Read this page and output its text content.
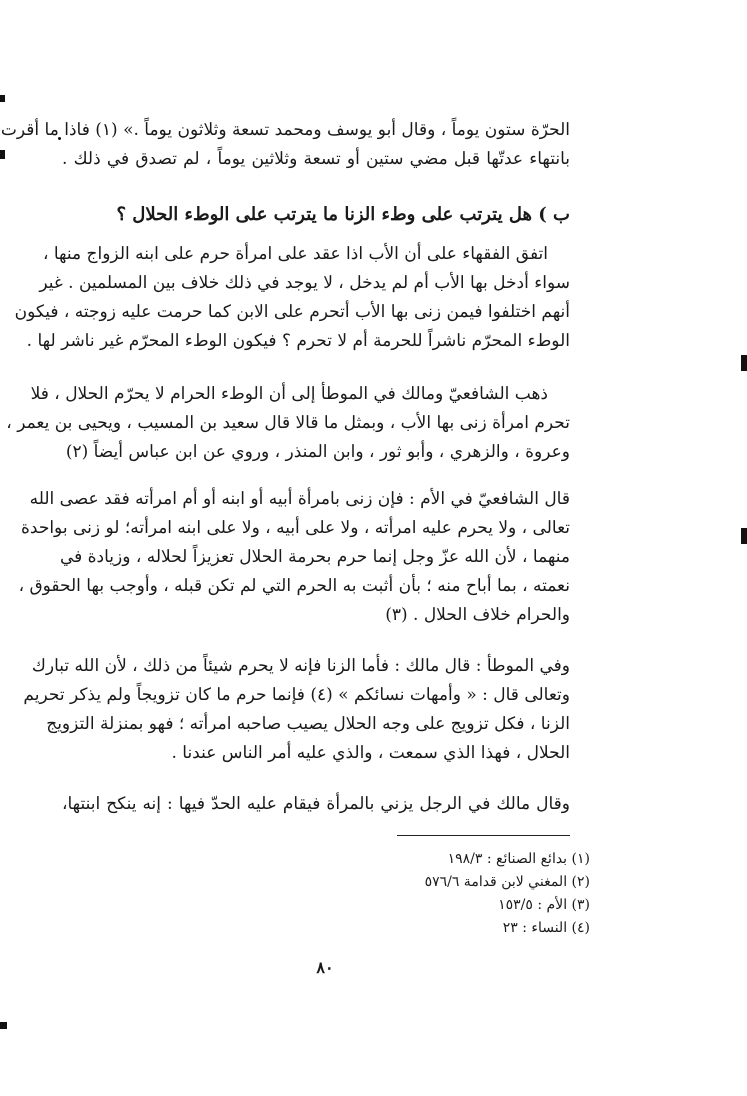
الحرّة ستون يوماً ، وقال أبو يوسف ومحمد تسعة وثلاثون يوماً .» (١) فاذا ما أقرت
بانتهاء عدتّها قبل مضي ستين أو تسعة وثلاثين يوماً ، لم تصدق في ذلك .
ب ) هل يترتب على وطء الزنا ما يترتب على الوطء الحلال ؟
اتفق الفقهاء على أن الأب اذا عقد على امرأة حرم على ابنه الزواج منها ،
سواء أدخل بها الأب أم لم يدخل ، لا يوجد في ذلك خلاف بين المسلمين . غير
أنهم اختلفوا فيمن زنى بها الأب أتحرم على الابن كما حرمت عليه زوجته ، فيكون
الوطء المحرّم ناشراً للحرمة أم لا تحرم ؟ فيكون الوطء المحرّم غير ناشر لها .
ذهب الشافعيّ ومالك في الموطأ إلى أن الوطء الحرام لا يحرّم الحلال ، فلا
تحرم امرأة زنى بها الأب ، وبمثل ما قالا قال سعيد بن المسيب ، ويحيى بن يعمر ،
وعروة ، والزهري ، وأبو ثور ، وابن المنذر ، وروي عن ابن عباس أيضاً (٢)
قال الشافعيّ في الأم : فإن زنى بامرأة أبيه أو ابنه أو أم امرأته فقد عصى الله
تعالى ، ولا يحرم عليه امرأته ، ولا على أبيه ، ولا على ابنه امرأته؛ لو زنى بواحدة
منهما ، لأن الله عزّ وجل إنما حرم بحرمة الحلال تعزيزاً لحلاله ، وزيادة في
نعمته ، بما أباح منه ؛ بأن أثبت به الحرم التي لم تكن قبله ، وأوجب بها الحقوق ،
والحرام خلاف الحلال . (٣)
وفي الموطأ : قال مالك : فأما الزنا فإنه لا يحرم شيئاً من ذلك ، لأن الله تبارك
وتعالى قال : « وأمهات نسائكم » (٤) فإنما حرم ما كان تزويجاً ولم يذكر تحريم
الزنا ، فكل تزويج على وجه الحلال يصيب صاحبه امرأته ؛ فهو بمنزلة التزويج
الحلال ، فهذا الذي سمعت ، والذي عليه أمر الناس عندنا .
وقال مالك في الرجل يزني بالمرأة فيقام عليه الحدّ فيها : إنه ينكح ابنتها،
(١) بدائع الصنائع : ١٩٨/٣
(٢) المغني لابن قدامة ٥٧٦/٦
(٣) الأم : ١٥٣/٥
(٤) النساء : ٢٣
٨٠
